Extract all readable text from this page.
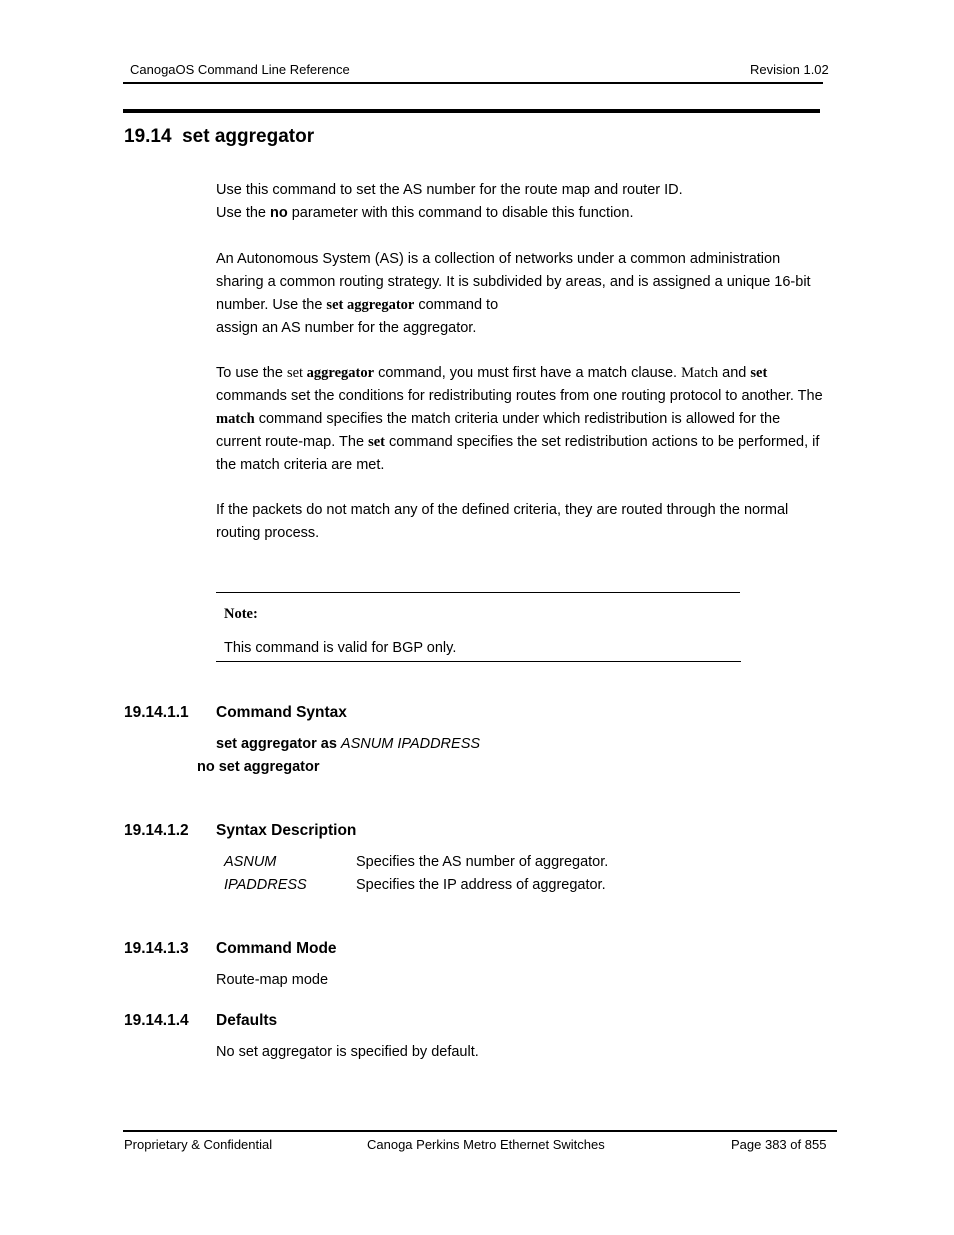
CanogaOS Command Line Reference	Revision 1.02
19.14 set aggregator
Use this command to set the AS number for the route map and router ID.
Use the no parameter with this command to disable this function.
An Autonomous System (AS) is a collection of networks under a common administration
sharing a common routing strategy. It is subdivided by areas, and is assigned a unique 16-bit
number. Use the set aggregator command to
assign an AS number for the aggregator.
To use the set aggregator command, you must first have a match clause. Match and set
commands set the conditions for redistributing routes from one routing protocol to another. The
match command specifies the match criteria under which redistribution is allowed for the
current route-map. The set command specifies the set redistribution actions to be performed, if
the match criteria are met.
If the packets do not match any of the defined criteria, they are routed through the normal
routing process.
Note:
This command is valid for BGP only.
19.14.1.1 Command Syntax
set aggregator as ASNUM IPADDRESS
no set aggregator
19.14.1.2 Syntax Description
ASNUM	Specifies the AS number of aggregator.
IPADDRESS	Specifies the IP address of aggregator.
19.14.1.3 Command Mode
Route-map mode
19.14.1.4 Defaults
No set aggregator is specified by default.
Proprietary & Confidential	Canoga Perkins Metro Ethernet Switches	Page 383 of 855
